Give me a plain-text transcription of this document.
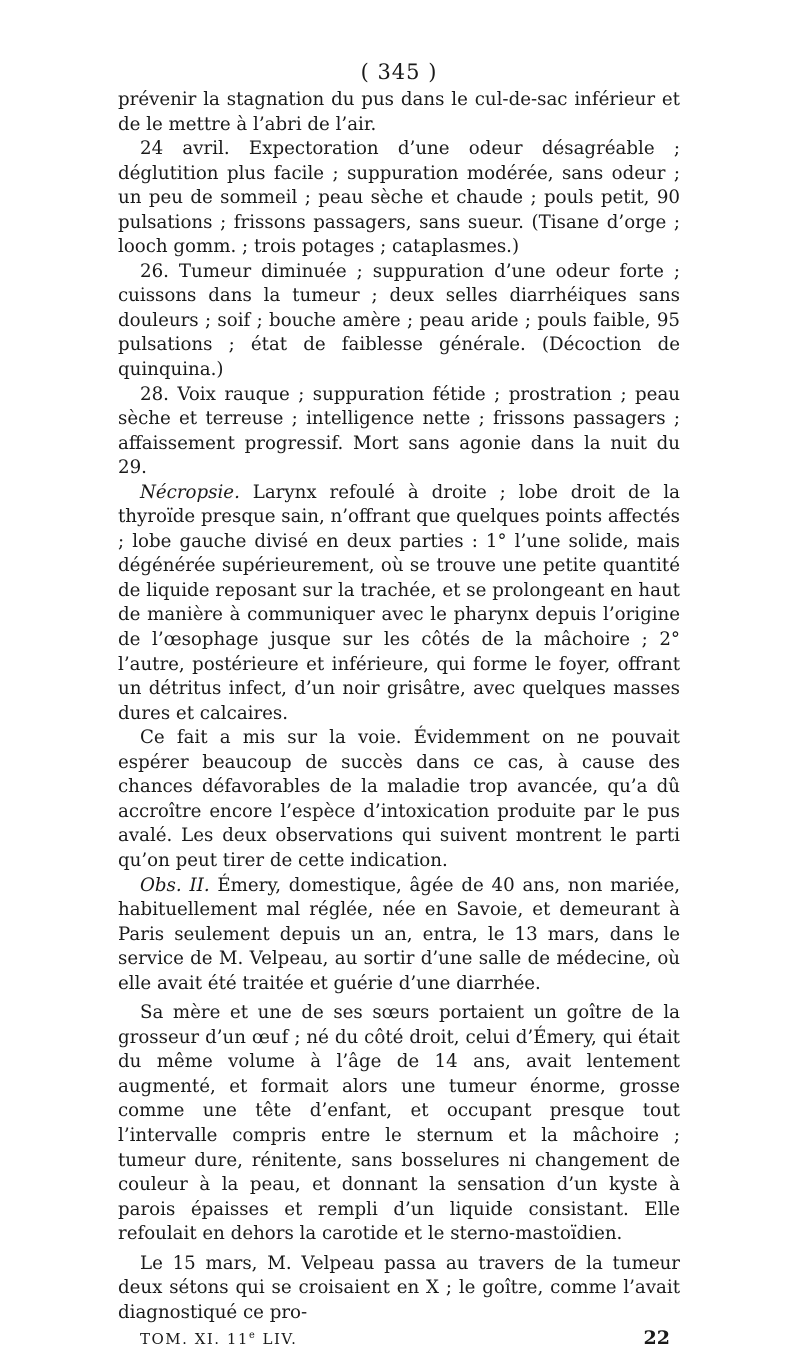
( 345 )

prévenir la stagnation du pus dans le cul-de-sac inférieur et de le mettre à l’abri de l’air.

24 avril. Expectoration d’une odeur désagréable ; déglutition plus facile ; suppuration modérée, sans odeur ; un peu de sommeil ; peau sèche et chaude ; pouls petit, 90 pulsations ; frissons passagers, sans sueur. (Tisane d’orge ; looch gomm. ; trois potages ; cataplasmes.)

26. Tumeur diminuée ; suppuration d’une odeur forte ; cuissons dans la tumeur ; deux selles diarrhéiques sans douleurs ; soif ; bouche amère ; peau aride ; pouls faible, 95 pulsations ; état de faiblesse générale. (Décoction de quinquina.)

28. Voix rauque ; suppuration fétide ; prostration ; peau sèche et terreuse ; intelligence nette ; frissons passagers ; affaissement progressif. Mort sans agonie dans la nuit du 29.

Nécropsie. Larynx refoulé à droite ; lobe droit de la thyroïde presque sain, n’offrant que quelques points affectés ; lobe gauche divisé en deux parties : 1° l’une solide, mais dégénérée supérieurement, où se trouve une petite quantité de liquide reposant sur la trachée, et se prolongeant en haut de manière à communiquer avec le pharynx depuis l’origine de l’œsophage jusque sur les côtés de la mâchoire ; 2° l’autre, postérieure et inférieure, qui forme le foyer, offrant un détritus infect, d’un noir grisâtre, avec quelques masses dures et calcaires.

Ce fait a mis sur la voie. Évidemment on ne pouvait espérer beaucoup de succès dans ce cas, à cause des chances défavorables de la maladie trop avancée, qu’a dû accroître encore l’espèce d’intoxication produite par le pus avalé. Les deux observations qui suivent montrent le parti qu’on peut tirer de cette indication.

Obs. II. Émery, domestique, âgée de 40 ans, non mariée, habituellement mal réglée, née en Savoie, et demeurant à Paris seulement depuis un an, entra, le 13 mars, dans le service de M. Velpeau, au sortir d’une salle de médecine, où elle avait été traitée et guérie d’une diarrhée.

Sa mère et une de ses sœurs portaient un goître de la grosseur d’un œuf ; né du côté droit, celui d’Émery, qui était du même volume à l’âge de 14 ans, avait lentement augmenté, et formait alors une tumeur énorme, grosse comme une tête d’enfant, et occupant presque tout l’intervalle compris entre le sternum et la mâchoire ; tumeur dure, rénitente, sans bosselures ni changement de couleur à la peau, et donnant la sensation d’un kyste à parois épaisses et rempli d’un liquide consistant. Elle refoulait en dehors la carotide et le sterno-mastoïdien.

Le 15 mars, M. Velpeau passa au travers de la tumeur deux sétons qui se croisaient en X ; le goître, comme l’avait diagnostiqué ce pro-

TOM. XI. 11e LIV.	22
